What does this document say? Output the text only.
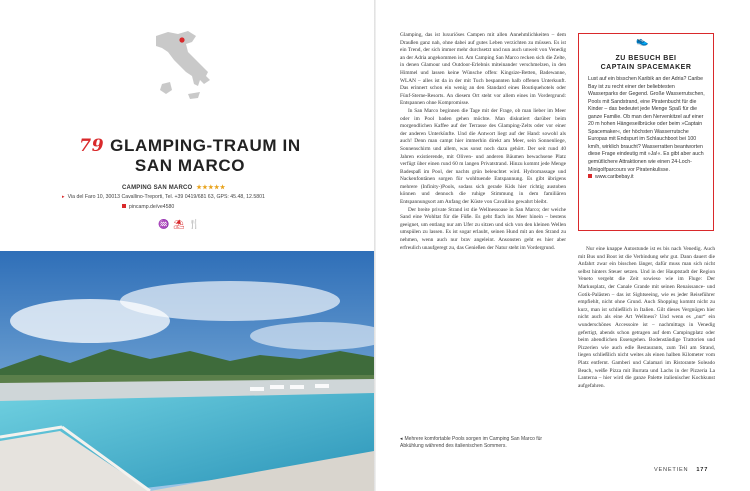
79 GLAMPING-TRAUM IN
SAN MARCO
CAMPING SAN MARCO ★★★★★
▸ Via del Faro 10, 30013 Cavallino-Treporti, Tel. +39 0419/681 63, GPS: 45.48, 12.5801
pincamp.de/ve4580
♒ ⛱ 🍴

Glamping, das ist luxuriöses Campen mit allen Annehmlichkeiten – dem Draußen ganz nah, ohne dabei auf gutes Leben verzichten zu müssen. Es ist ein Trend, der sich immer mehr durchsetzt und nun auch unweit von Venedig an der Adria angekommen ist. Am Camping San Marco recken sich die Zelte, in denen Glamour und Outdoor-Erlebnis miteinander verschmelzen, in den Himmel und lassen keine Wünsche offen: Kingsize-Betten, Badewanne, WLAN – alles ist da in der mit Tuch bespannten halb offenen Unterkunft. Das erinnert schon ein wenig an den Standard eines Boutiquehotels oder Fünf-Sterne-Resorts. An diesem Ort steht vor allem eines im Vordergrund: Entspannen ohne Kompromisse.

In San Marco beginnen die Tage mit der Frage, ob man lieber im Meer oder im Pool baden gehen möchte. Man diskutiert darüber beim morgendlichen Kaffee auf der Terrasse des Glamping-Zelts oder vor einer der anderen Unterkünfte. Und die Antwort liegt auf der Hand: sowohl als auch! Denn man campt hier immerhin direkt am Meer, sein Sonnenliege, Sonnenschirm und allem, was sonst noch dazu gehört. Der seit rund 40 Jahren existierende, mit Oliven- und anderen Bäumen bewachsene Platz verfügt über einen rund 60 m langen Privatstrand. Hinzu kommt jede Menge Badespaß im Pool, der nachts grün beleuchtet wird. Hydromassage und Nackenfontänen sorgen für wohltuende Entspannung. Es gibt übrigens mehrere (Infinity-)Pools, sodass sich gerade Kids hier richtig austoben können und dennoch die ruhige Stimmung in dem familiären Entspannungsort am Anfang der Küste von Cavallino gewahrt bleibt.

Der breite private Strand ist die Wellnessoase in San Marco; der weiche Sand eine Wohltat für die Füße. Es geht flach ins Meer hinein – bestens geeignet, um entlang nur am Ufer zu sitzen und sich von den kleinen Wellen umspülen zu lassen. Es ist sogar erlaubt, seinen Hund mit an den Strand zu nehmen, wenn auch nur brav angeleint. Ansonsten geht es hier aber erfreulich unaufgeregt zu, das Genießen der Natur steht im Vordergrund.

◂ Mehrere komfortable Pools sorgen im Camping San Marco für Abkühlung während des italienischen Sommers.
👟
ZU BESUCH BEI
CAPTAIN SPACEMAKER
Lust auf ein bisschen Karibik an der Adria? Caribe Bay ist zu recht einer der beliebtesten Wasserparks der Gegend. Große Wasserrutschen, Pools mit Sandstrand, eine Piratenbucht für die Kinder – das bedeutet jede Menge Spaß für die ganze Familie. Ob man den Nervenkitzel auf einer 20 m hohen Hängeseilbrücke oder beim »Captain Spacemaker«, der höchsten Wasserrutsche Europas mit Endspurt im Schlauchboot bei 100 km/h, wirklich braucht? Wasserratten beantworten diese Frage eindeutig mit »Ja!«. Es gibt aber auch gemütlichere Attraktionen wie einen 24-Loch-Minigolfparcours vor Piratenkulisse.
www.caribebay.it

Nur eine knappe Autostunde ist es bis nach Venedig. Auch mit Bus und Boot ist die Verbindung sehr gut. Dann dauert die Anfahrt zwar ein bisschen länger, dafür muss man sich nicht selbst hinters Steuer setzen. Und in der Hauptstadt der Region Veneto vergeht die Zeit sowieso wie im Fluge: Der Markusplatz, der Canale Grande mit seinen Renaissance- und Gotik-Palästen – das ist Sightseeing, wie es jeder Reiseführer empfiehlt, nicht ohne Grund. Auch Shopping kommt nicht zu kurz, man ist schließlich in Italien. Gilt dieses Vergnügen hier nicht auch als eine Art Wellness? Und wenn es „nur“ ein wunderschönes Accessoire ist – nachmittags in Venedig gefertigt, abends schon getragen auf dem Campingplatz oder beim abendlichen Essengehen. Bodenständige Trattorien und Pizzerien wie auch edle Restaurants, zum Teil am Strand, liegen schließlich nicht weites als einen halben Kilometer vom Platz entfernt. Gamberi und Calamari im Ristorante Soleado Beach, weiße Pizza mit Burrata und Lachs in der Pizzeria La Lanterna – hier wird die ganze Palette italienischer Kochkunst aufgefahren.

VENETIEN 177
